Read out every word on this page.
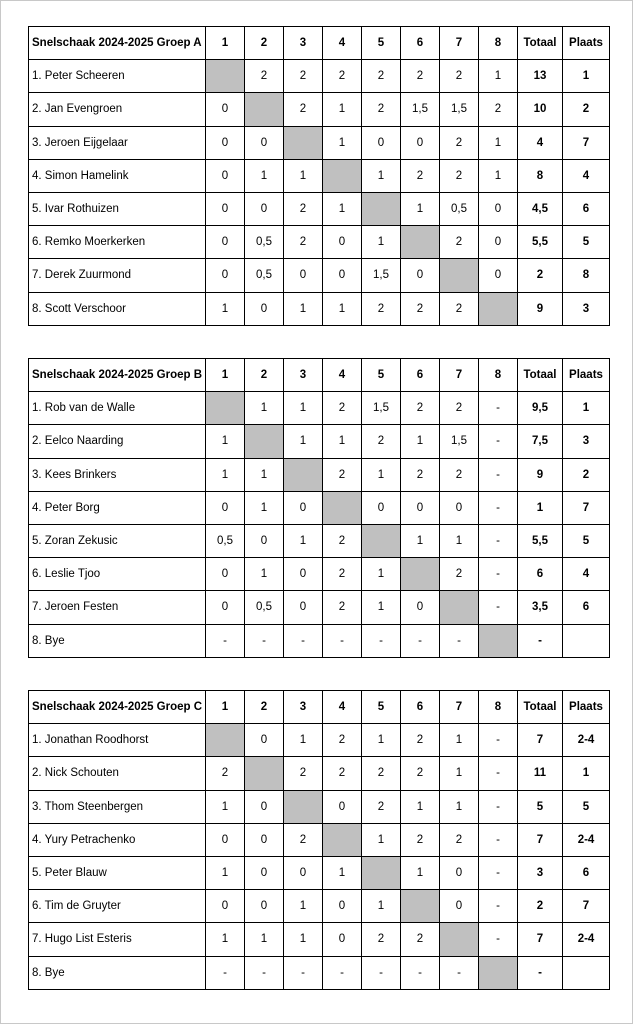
Snelschaak 2024-2025 Groep A	1	2	3	4	5	6	7	8	Totaal	Plaats
1. Peter Scheeren		2	2	2	2	2	2	1	13	1
2. Jan Evengroen	0		2	1	2	1,5	1,5	2	10	2
3. Jeroen Eijgelaar	0	0		1	0	0	2	1	4	7
4. Simon Hamelink	0	1	1		1	2	2	1	8	4
5. Ivar Rothuizen	0	0	2	1		1	0,5	0	4,5	6
6. Remko Moerkerken	0	0,5	2	0	1		2	0	5,5	5
7. Derek Zuurmond	0	0,5	0	0	1,5	0		0	2	8
8. Scott Verschoor	1	0	1	1	2	2	2		9	3
Snelschaak 2024-2025 Groep B	1	2	3	4	5	6	7	8	Totaal	Plaats
1. Rob van de Walle		1	1	2	1,5	2	2	-	9,5	1
2. Eelco Naarding	1		1	1	2	1	1,5	-	7,5	3
3. Kees Brinkers	1	1		2	1	2	2	-	9	2
4. Peter Borg	0	1	0		0	0	0	-	1	7
5. Zoran Zekusic	0,5	0	1	2		1	1	-	5,5	5
6. Leslie Tjoo	0	1	0	2	1		2	-	6	4
7. Jeroen Festen	0	0,5	0	2	1	0		-	3,5	6
8. Bye	-	-	-	-	-	-	-		-	
Snelschaak 2024-2025 Groep C	1	2	3	4	5	6	7	8	Totaal	Plaats
1. Jonathan Roodhorst		0	1	2	1	2	1	-	7	2-4
2. Nick Schouten	2		2	2	2	2	1	-	11	1
3. Thom Steenbergen	1	0		0	2	1	1	-	5	5
4. Yury Petrachenko	0	0	2		1	2	2	-	7	2-4
5. Peter Blauw	1	0	0	1		1	0	-	3	6
6. Tim de Gruyter	0	0	1	0	1		0	-	2	7
7. Hugo List Esteris	1	1	1	0	2	2		-	7	2-4
8. Bye	-	-	-	-	-	-	-		-	
